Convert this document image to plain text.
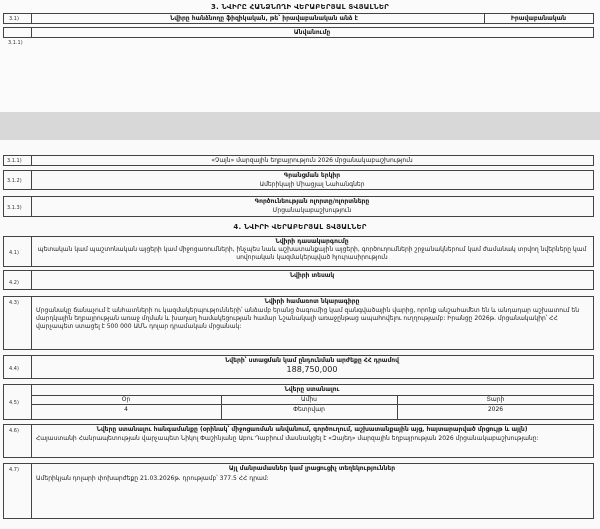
3. ՆՎԻՐԸ ՀԱՆՁՆՈՂԻ ՎԵՐԱԲԵՐՅԱԼ ՏՎՅԱԼՆԵՐ
3.1)	Նվիրը հանձնողը ֆիզիկական, թե՝ իրավաբանական անձ է	Իրավաբանական
Անվանումը
3.1.1)
3.1.1)	«Չայն» մարզային եղբայրություն 2026 մրցանակաբաշխություն
3.1.2)
Գրանցման երկիր
Ամերիկայի Միացյալ Նահանգներ
3.1.3)
Գործունեության ոլորտը/ոլորտները
Մրցանակաբաշխություն
4. ՆՎԻՐԻ ՎԵՐԱԲԵՐՅԱԼ ՏՎՅԱԼՆԵՐ
4.1)
Նվիրի դասակարգումը
պետական կամ պաշտոնական այցերի կամ միջոցառումների, ինչպես նաև աշխատանքային այցերի, գործուղումների շրջանակներում կամ ժամանակ տրվող նվերները կամ սովորական կազմակերպված հյուրասիրություն
4.2)
Նվիրի տեսակ
4.3)	Նվիրի համառոտ նկարագիրը
Մրցանակը ճանաչում է անհատների ու կազմակերպությունների՝ անձամբ երանց ծագումից կամ զանգվածային վարից, որոնք անշահամետ են և անդադար աշխատում են մարդկային եղբայրության առաջ մղման և խաղաղ համակեցության համար Նշանակալի առաջընթաց ապահովելու ուղղությամբ: Իրանցը 2026թ. մրցանակակիր՝ ՀՀ վարչապետ ստացել է 500 000 ԱՄՆ դոլար դրամական մրցանակ:
4.4)
Նվերի՝ ստացման կամ ընդունման արժեքը ՀՀ դրամով
188,750,000
4.5)
Նվերը ստանալու
Օր	Ամիս	Տարի
4	Փետրվար	2026
4.6)	Նվերը ստանալու հանգամանքը (օրինակ՝ միջոցառման անվանում, գործուղում, աշխատանքային այց, հայտարարված մրցույթ և այլն)
Հայաստանի Հանրապետության վարչապետ Նիկոլ Փաշինյանը Աբու Դաբիում մասնակցել է «Զայեդ» մարզային եղբայրության 2026 մրցանակաբաշխությանը:
4.7)	Այլ մանրամասներ կամ լրացուցիչ տեղեկություններ
Ամերիկյան դոլարի փոխարժեքը 21.03.2026թ. դրությամբ՝ 377.5 ՀՀ դրամ:
